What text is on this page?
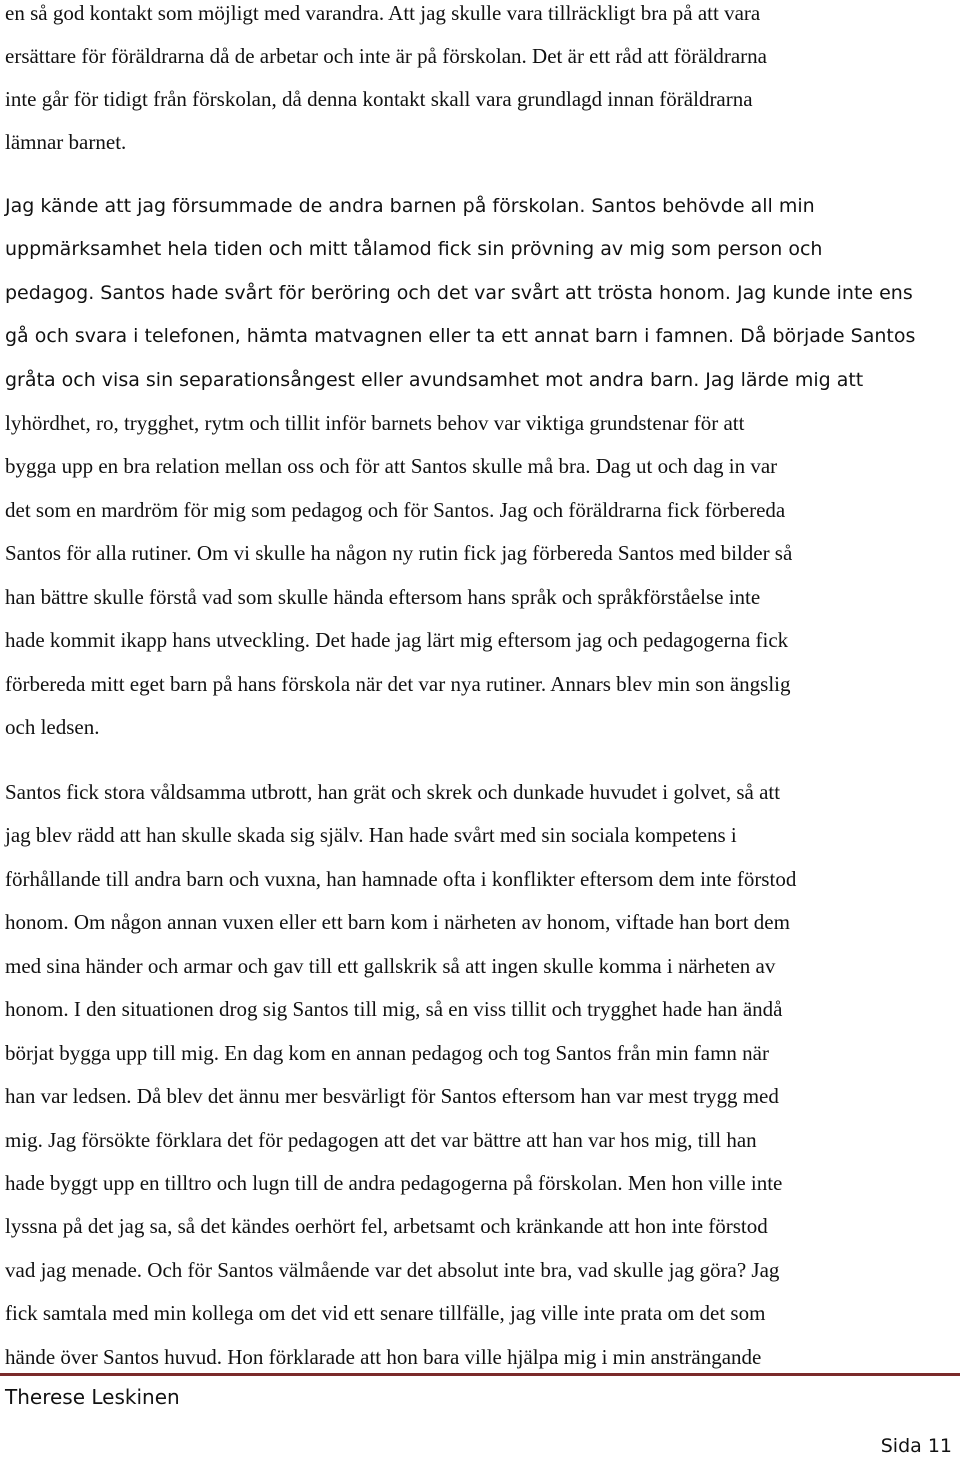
en så god kontakt som möjligt med varandra. Att jag skulle vara tillräckligt bra på att vara
ersättare för föräldrarna då de arbetar och inte är på förskolan. Det är ett råd att föräldrarna
inte går för tidigt från förskolan, då denna kontakt skall vara grundlagd innan föräldrarna
lämnar barnet.
Jag kände att jag försummade de andra barnen på förskolan. Santos behövde all min
uppmärksamhet hela tiden och mitt tålamod fick sin prövning av mig som person och
pedagog. Santos hade svårt för beröring och det var svårt att trösta honom. Jag kunde inte ens
gå och svara i telefonen, hämta matvagnen eller ta ett annat barn i famnen. Då började Santos
gråta och visa sin separationsångest eller avundsamhet mot andra barn. Jag lärde mig att
lyhördhet, ro, trygghet, rytm och tillit inför barnets behov var viktiga grundstenar för att
bygga upp en bra relation mellan oss och för att Santos skulle må bra. Dag ut och dag in var
det som en mardröm för mig som pedagog och för Santos. Jag och föräldrarna fick förbereda
Santos för alla rutiner. Om vi skulle ha någon ny rutin fick jag förbereda Santos med bilder så
han bättre skulle förstå vad som skulle hända eftersom hans språk och språkförståelse inte
hade kommit ikapp hans utveckling. Det hade jag lärt mig eftersom jag och pedagogerna fick
förbereda mitt eget barn på hans förskola när det var nya rutiner. Annars blev min son ängslig
och ledsen.
Santos fick stora våldsamma utbrott, han grät och skrek och dunkade huvudet i golvet, så att
jag blev rädd att han skulle skada sig själv. Han hade svårt med sin sociala kompetens i
förhållande till andra barn och vuxna, han hamnade ofta i konflikter eftersom dem inte förstod
honom. Om någon annan vuxen eller ett barn kom i närheten av honom, viftade han bort dem
med sina händer och armar och gav till ett gallskrik så att ingen skulle komma i närheten av
honom. I den situationen drog sig Santos till mig, så en viss tillit och trygghet hade han ändå
börjat bygga upp till mig. En dag kom en annan pedagog och tog Santos från min famn när
han var ledsen. Då blev det ännu mer besvärligt för Santos eftersom han var mest trygg med
mig. Jag försökte förklara det för pedagogen att det var bättre att han var hos mig, till han
hade byggt upp en tilltro och lugn till de andra pedagogerna på förskolan. Men hon ville inte
lyssna på det jag sa, så det kändes oerhört fel, arbetsamt och kränkande att hon inte förstod
vad jag menade. Och för Santos välmående var det absolut inte bra, vad skulle jag göra? Jag
fick samtala med min kollega om det vid ett senare tillfälle, jag ville inte prata om det som
hände över Santos huvud. Hon förklarade att hon bara ville hjälpa mig i min ansträngande
Therese Leskinen
Sida 11
